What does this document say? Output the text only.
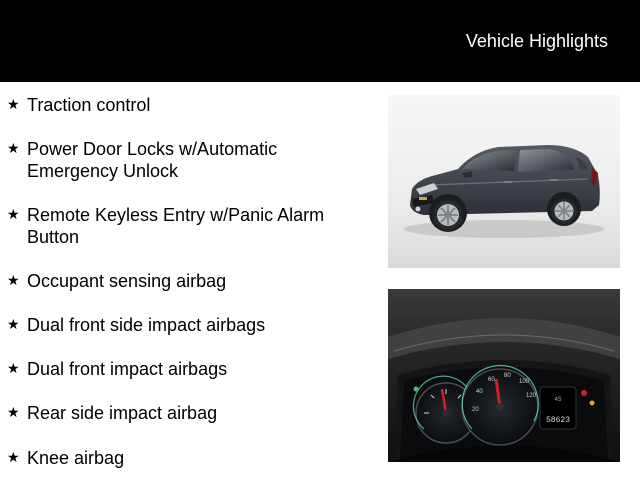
Vehicle Highlights
★ Traction control
★ Power Door Locks w/Automatic Emergency Unlock
★ Remote Keyless Entry w/Panic Alarm Button
★ Occupant sensing airbag
★ Dual front side impact airbags
★ Dual front impact airbags
★ Rear side impact airbag
★ Knee airbag
20
40
60
80
100
120	45
58623
